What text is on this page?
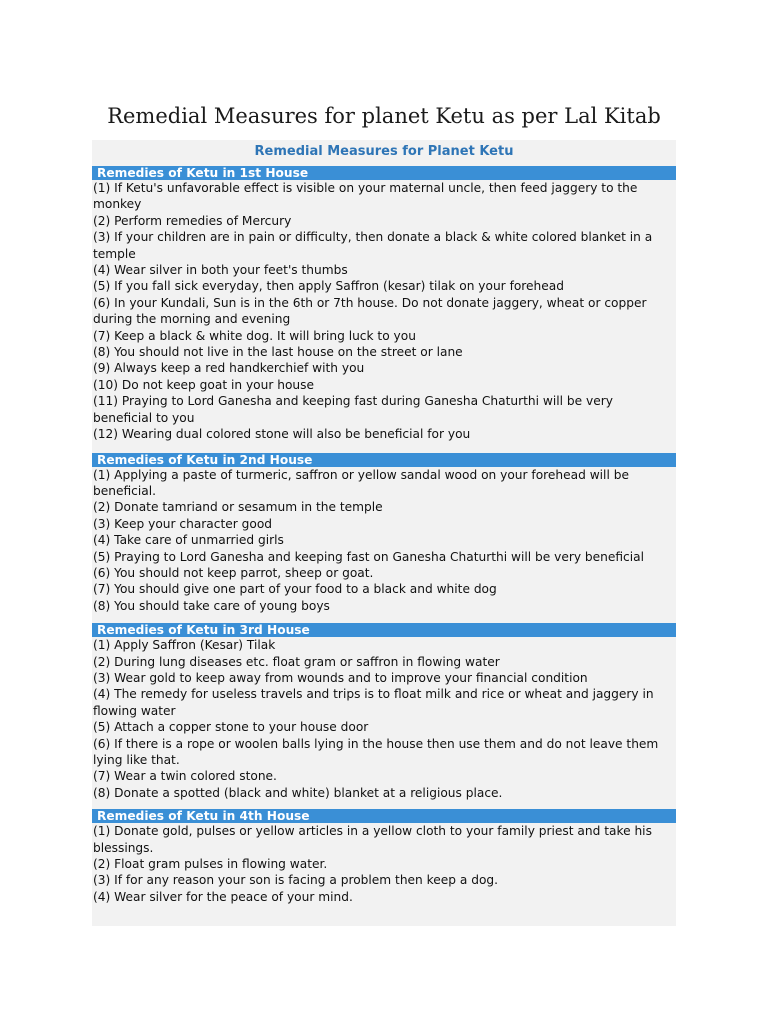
Remedial Measures for planet Ketu as per Lal Kitab
Remedial Measures for Planet Ketu
Remedies of Ketu in 1st House
(1) If Ketu's unfavorable effect is visible on your maternal uncle, then feed jaggery to the monkey
(2) Perform remedies of Mercury
(3) If your children are in pain or difficulty, then donate a black & white colored blanket in a temple
(4) Wear silver in both your feet's thumbs
(5) If you fall sick everyday, then apply Saffron (kesar) tilak on your forehead
(6) In your Kundali, Sun is in the 6th or 7th house. Do not donate jaggery, wheat or copper during the morning and evening
(7) Keep a black & white dog. It will bring luck to you
(8) You should not live in the last house on the street or lane
(9) Always keep a red handkerchief with you
(10) Do not keep goat in your house
(11) Praying to Lord Ganesha and keeping fast during Ganesha Chaturthi will be very beneficial to you
(12) Wearing dual colored stone will also be beneficial for you
Remedies of Ketu in 2nd House
(1) Applying a paste of turmeric, saffron or yellow sandal wood on your forehead will be beneficial.
(2) Donate tamriand or sesamum in the temple
(3) Keep your character good
(4) Take care of unmarried girls
(5) Praying to Lord Ganesha and keeping fast on Ganesha Chaturthi will be very beneficial
(6) You should not keep parrot, sheep or goat.
(7) You should give one part of your food to a black and white dog
(8) You should take care of young boys
Remedies of Ketu in 3rd House
(1) Apply Saffron (Kesar) Tilak
(2) During lung diseases etc. float gram or saffron in flowing water
(3) Wear gold to keep away from wounds and to improve your financial condition
(4) The remedy for useless travels and trips is to float milk and rice or wheat and jaggery in flowing water
(5) Attach a copper stone to your house door
(6) If there is a rope or woolen balls lying in the house then use them and do not leave them lying like that.
(7) Wear a twin colored stone.
(8) Donate a spotted (black and white) blanket at a religious place.
Remedies of Ketu in 4th House
(1) Donate gold, pulses or yellow articles in a yellow cloth to your family priest and take his blessings.
(2) Float gram pulses in flowing water.
(3) If for any reason your son is facing a problem then keep a dog.
(4) Wear silver for the peace of your mind.
